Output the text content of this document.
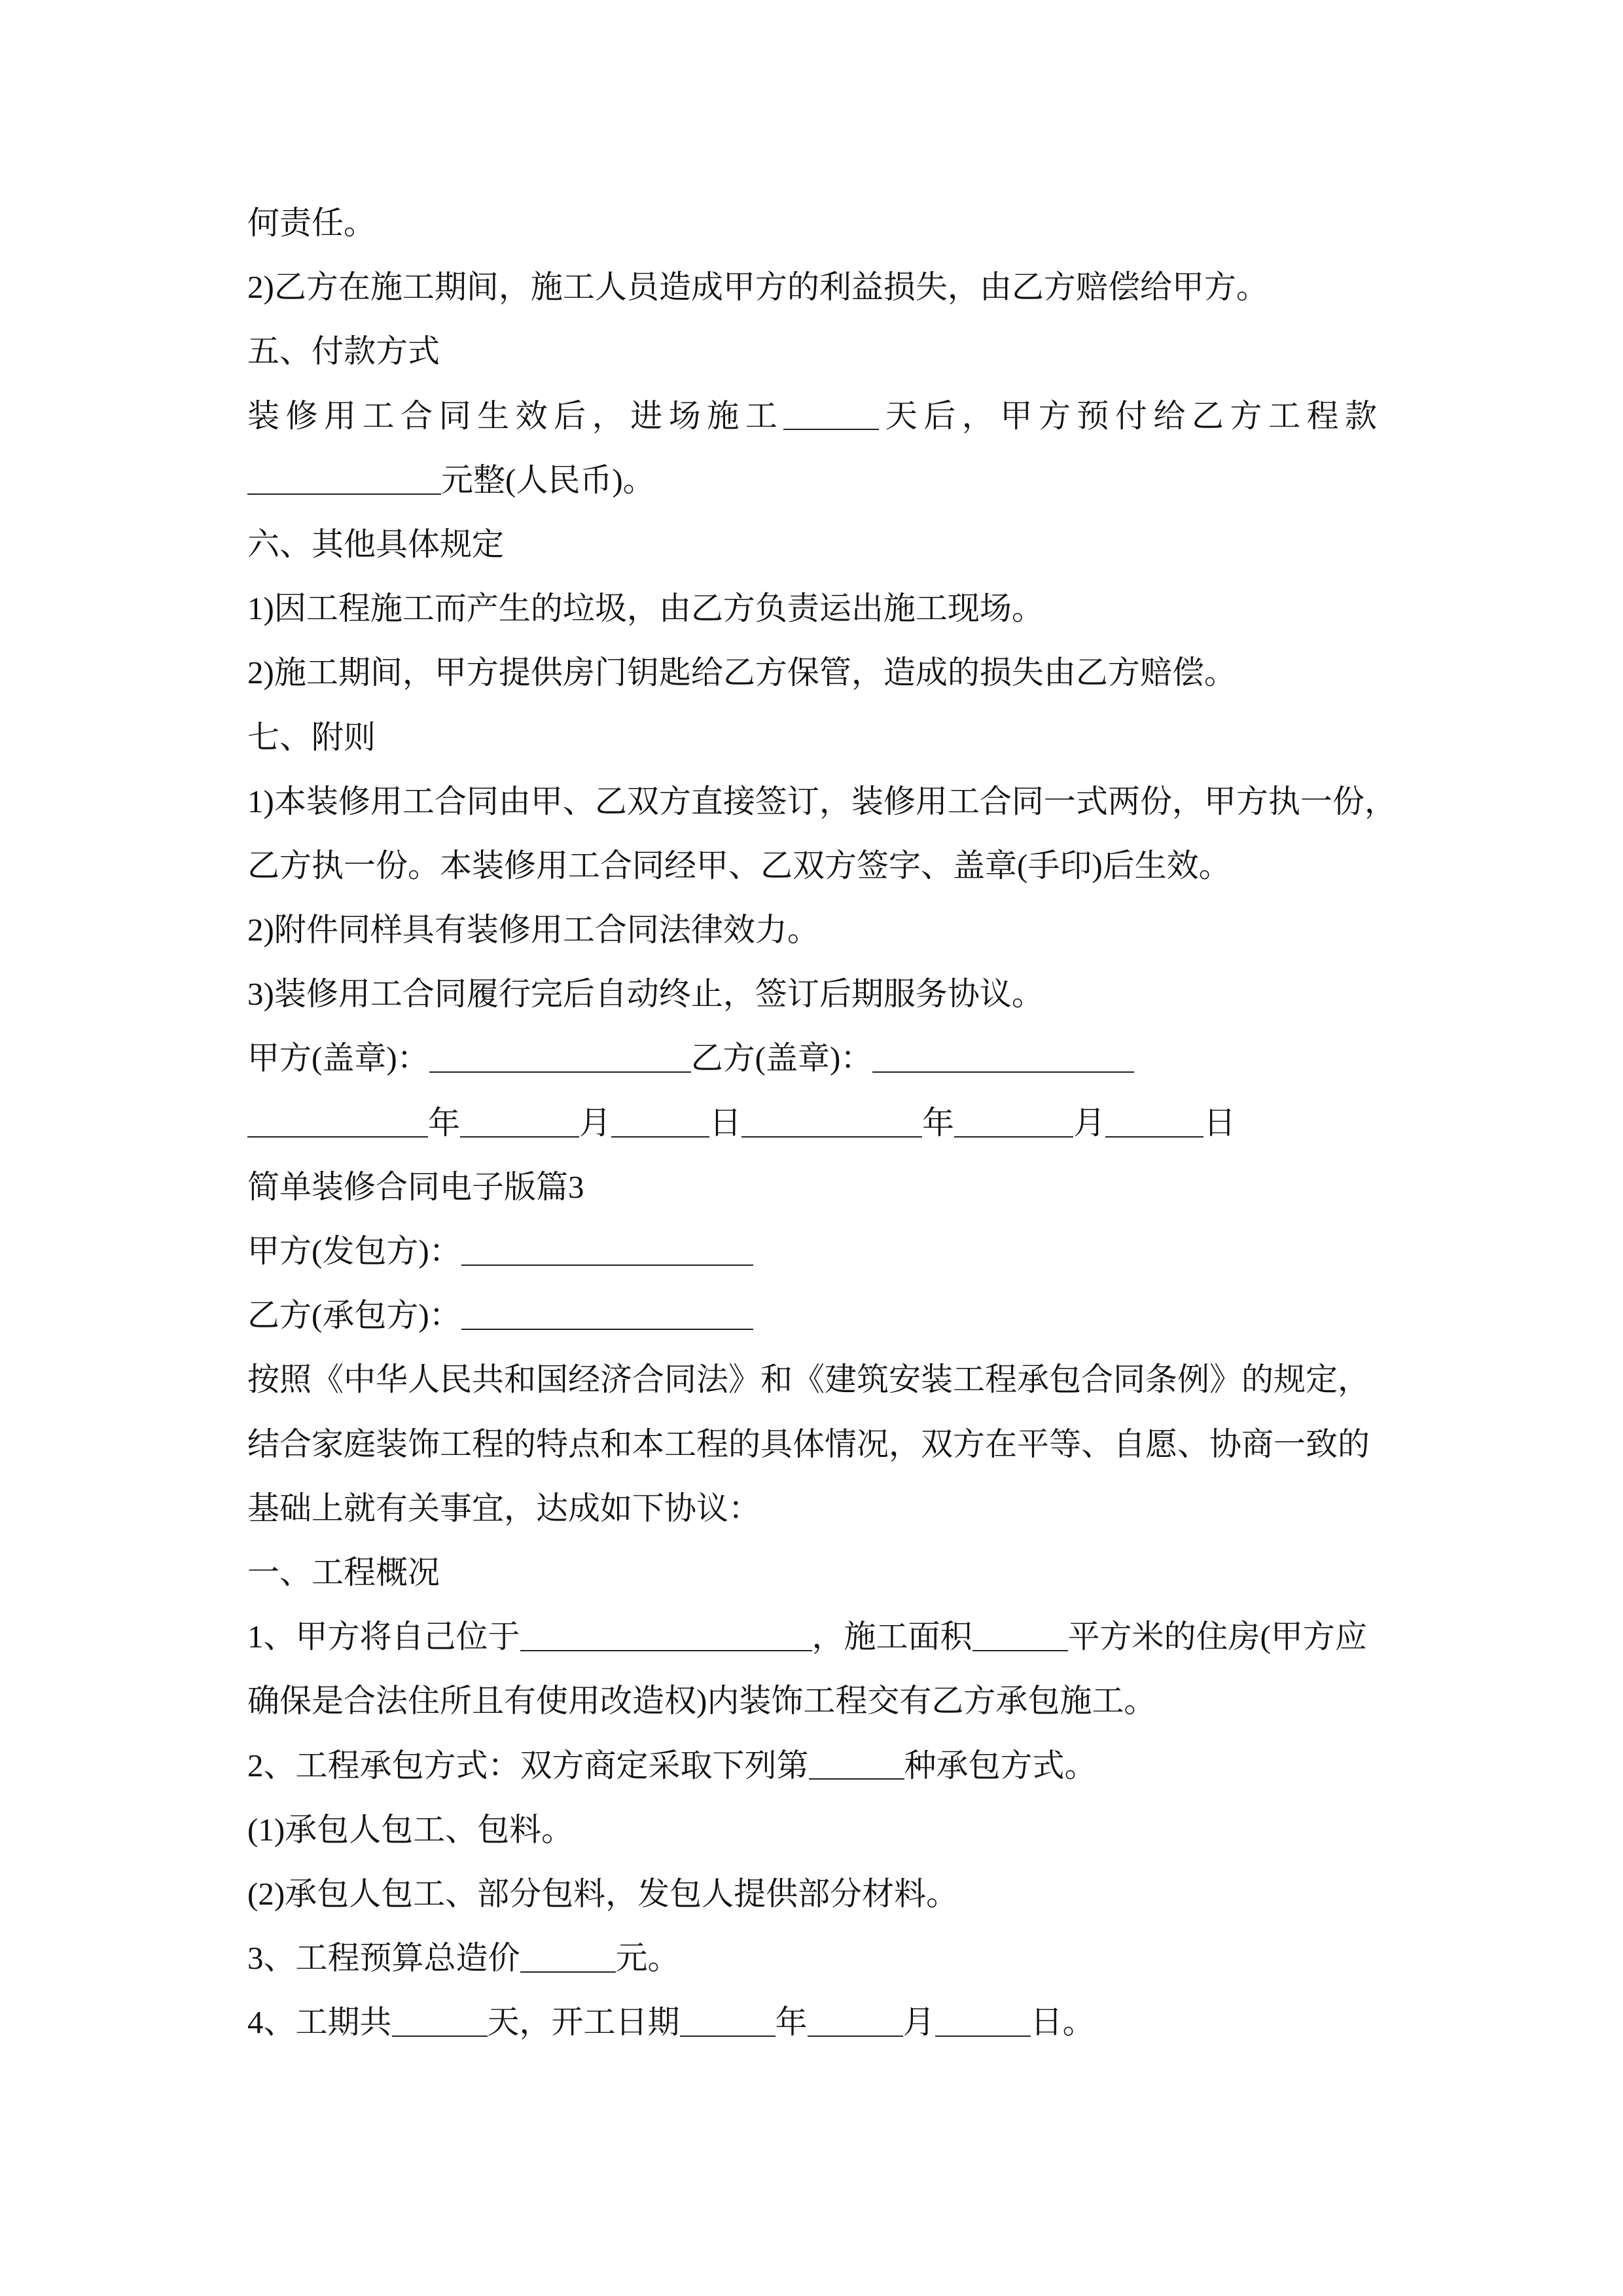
何责任。
2)乙方在施工期间，施工人员造成甲方的利益损失，由乙方赔偿给甲方。
五、付款方式
装修用工合同生效后，进场施工	天后，甲方预付给乙方工程款
元整(人民币)。
六、其他具体规定
1)因工程施工而产生的垃圾，由乙方负责运出施工现场。
2)施工期间，甲方提供房门钥匙给乙方保管，造成的损失由乙方赔偿。
七、附则
1)本装修用工合同由甲、乙双方直接签订，装修用工合同一式两份，甲方执一份，
乙方执一份。本装修用工合同经甲、乙双方签字、盖章(手印)后生效。
2)附件同样具有装修用工合同法律效力。
3)装修用工合同履行完后自动终止，签订后期服务协议。
甲方(盖章)：	乙方(盖章)：
年	月	日	年	月	日
简单装修合同电子版篇3
甲方(发包方)：
乙方(承包方)：
按照《中华人民共和国经济合同法》和《建筑安装工程承包合同条例》的规定，
结合家庭装饰工程的特点和本工程的具体情况，双方在平等、自愿、协商一致的
基础上就有关事宜，达成如下协议：
一、工程概况
1、甲方将自己位于	，施工面积	平方米的住房(甲方应
确保是合法住所且有使用改造权)内装饰工程交有乙方承包施工。
2、工程承包方式：双方商定采取下列第	种承包方式。
(1)承包人包工、包料。
(2)承包人包工、部分包料，发包人提供部分材料。
3、工程预算总造价	元。
4、工期共	天，开工日期	年	月	日。
